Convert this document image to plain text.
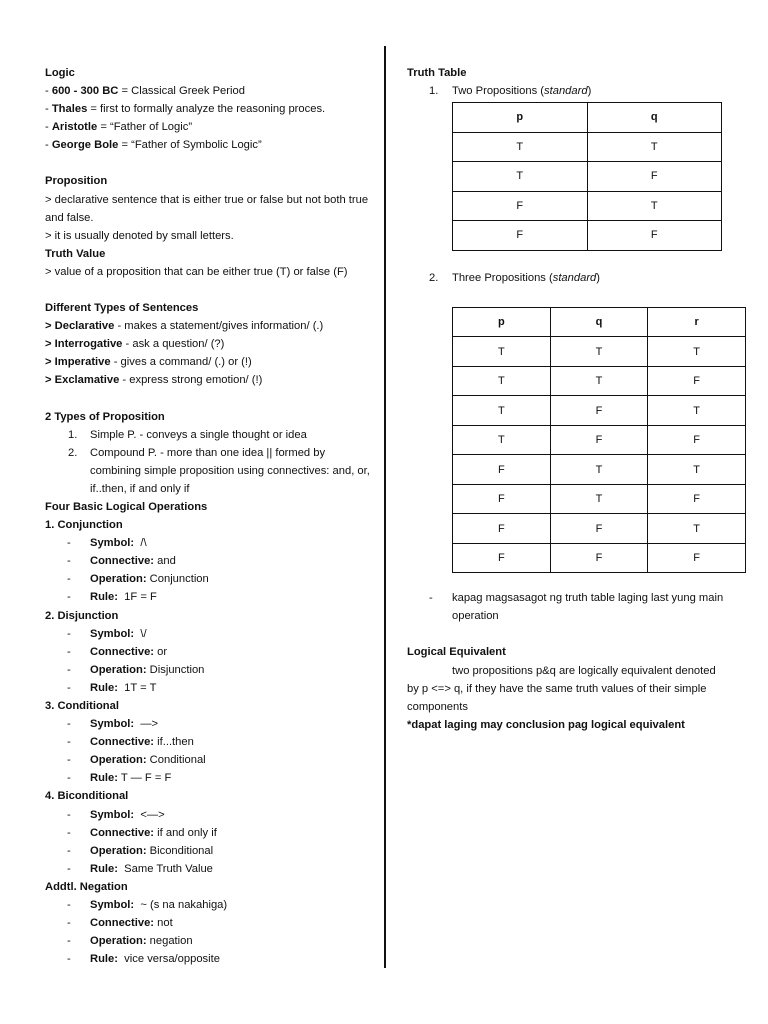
Logic
- 600 - 300 BC = Classical Greek Period
- Thales = first to formally analyze the reasoning proces.
- Aristotle = “Father of Logic”
- George Bole = “Father of Symbolic Logic”
Proposition
> declarative sentence that is either true or false but not both true and false.
> it is usually denoted by small letters.
Truth Value
> value of a proposition that can be either true (T) or false (F)
Different Types of Sentences
> Declarative - makes a statement/gives information/ (.)
> Interrogative - ask a question/ (?)
> Imperative - gives a command/ (.) or (!)
> Exclamative - express strong emotion/ (!)
2 Types of Proposition
1. Simple P. - conveys a single thought or idea
2. Compound P. - more than one idea || formed by combining simple proposition using connectives: and, or, if..then, if and only if
Four Basic Logical Operations
1. Conjunction
- Symbol:  /\
- Connective: and
- Operation: Conjunction
- Rule:  1F = F
2. Disjunction
- Symbol:  \/
- Connective: or
- Operation: Disjunction
- Rule:  1T = T
3. Conditional
- Symbol:  —>
- Connective: if...then
- Operation: Conditional
- Rule: T — F = F
4. Biconditional
- Symbol:  <—>
- Connective: if and only if
- Operation: Biconditional
- Rule:  Same Truth Value
Addtl. Negation
- Symbol:  ~ (s na nakahiga)
- Connective: not
- Operation: negation
- Rule:  vice versa/opposite
Truth Table
1. Two Propositions (standard)
p	q
T	T
T	F
F	T
F	F
2. Three Propositions (standard)
p	q	r
T	T	T
T	T	F
T	F	T
T	F	F
F	T	T
F	T	F
F	F	T
F	F	F
- kapag magsasagot ng truth table laging last yung main operation
Logical Equivalent
two propositions p&q are logically equivalent denoted by p <=> q, if they have the same truth values of their simple components
*dapat laging may conclusion pag logical equivalent
